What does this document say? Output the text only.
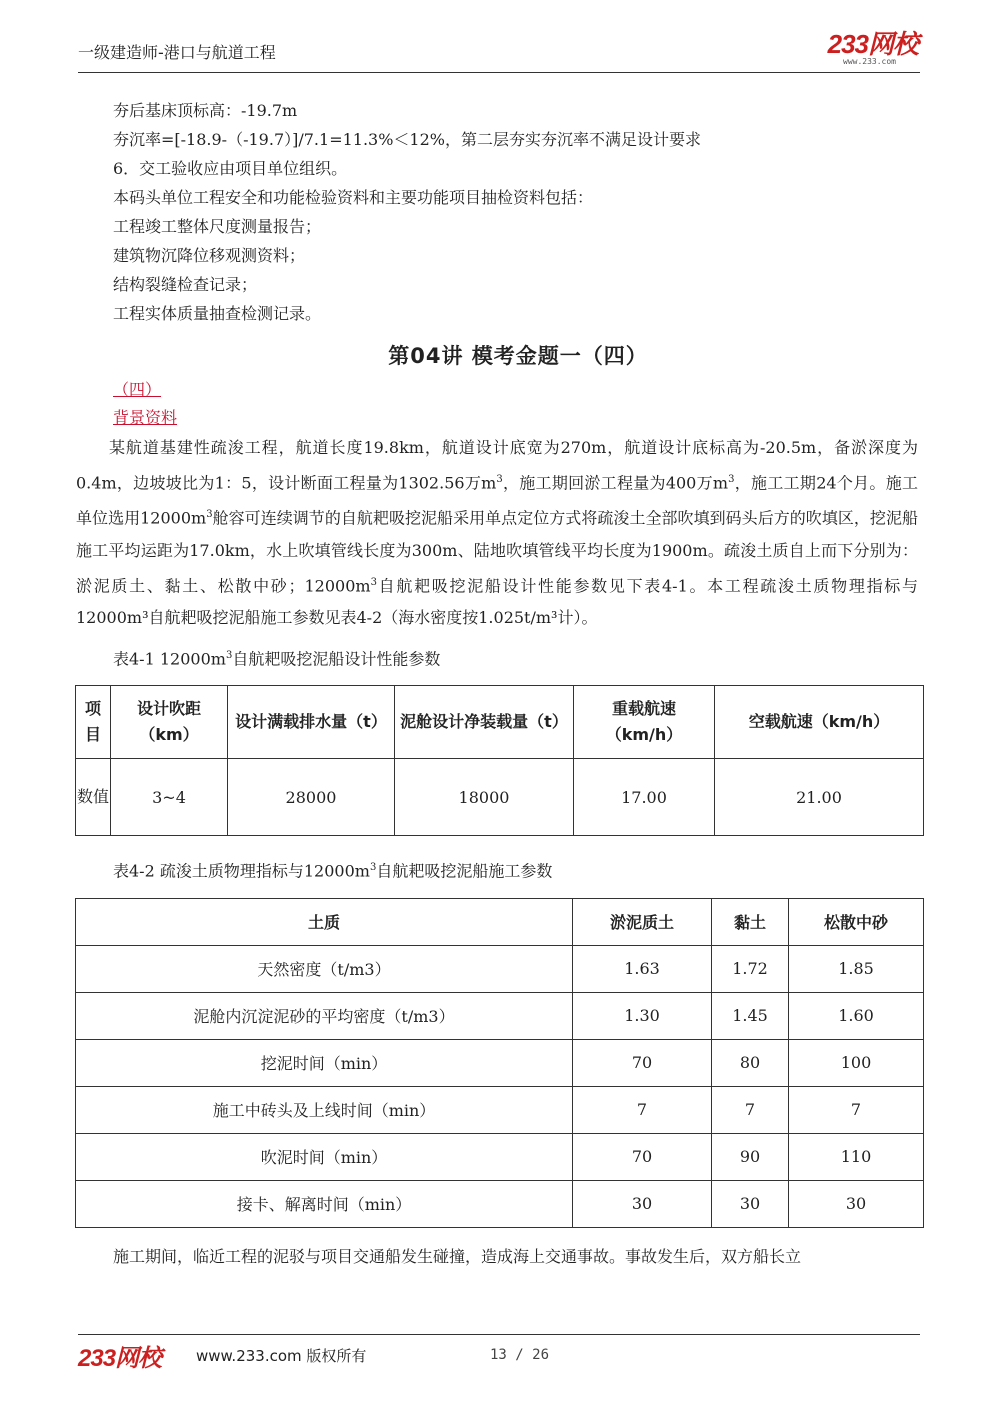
一级建造师-港口与航道工程	233网校
www.233.com
夯后基床顶标高：-19.7m
夯沉率=[-18.9-（-19.7）]/7.1=11.3%＜12%，第二层夯实夯沉率不满足设计要求
6．交工验收应由项目单位组织。
本码头单位工程安全和功能检验资料和主要功能项目抽检资料包括：
工程竣工整体尺度测量报告；
建筑物沉降位移观测资料；
结构裂缝检查记录；
工程实体质量抽查检测记录。
第04讲 模考金题一（四）
（四）
背景资料
某航道基建性疏浚工程，航道长度19.8km，航道设计底宽为270m，航道设计底标高为-20.5m，备淤深度为0.4m，边坡坡比为1：5，设计断面工程量为1302.56万$m^3$，施工期回淤工程量为400万$m^3$，施工工期24个月。施工单位选用$12000m^3$舱容可连续调节的自航耙吸挖泥船采用单点定位方式将疏浚土全部吹填到码头后方的吹填区，挖泥船施工平均运距为17.0km，水上吹填管线长度为300m、陆地吹填管线平均长度为1900m。疏浚土质自上而下分别为：淤泥质土、黏土、松散中砂；$12000m^3$自航耙吸挖泥船设计性能参数见下表4-1。本工程疏浚土质物理指标与12000m³自航耙吸挖泥船施工参数见表4-2（海水密度按1.025t/m³计）。
表4-1 $12000m^3$自航耙吸挖泥船设计性能参数
项目	设计吹距（km）	设计满载排水量（t）	泥舱设计净装载量（t）	重载航速（km/h）	空载航速（km/h）
数值	3~4	28000	18000	17.00	21.00
表4-2 疏浚土质物理指标与$12000m^3$自航耙吸挖泥船施工参数
土质	淤泥质土	黏土	松散中砂
天然密度（t/m3）	1.63	1.72	1.85
泥舱内沉淀泥砂的平均密度（t/m3）	1.30	1.45	1.60
挖泥时间（min）	70	80	100
施工中砖头及上线时间（min）	7	7	7
吹泥时间（min）	70	90	110
接卡、解离时间（min）	30	30	30
施工期间，临近工程的泥驳与项目交通船发生碰撞，造成海上交通事故。事故发生后，双方船长立
233网校 www.233.com 版权所有	13 / 26
